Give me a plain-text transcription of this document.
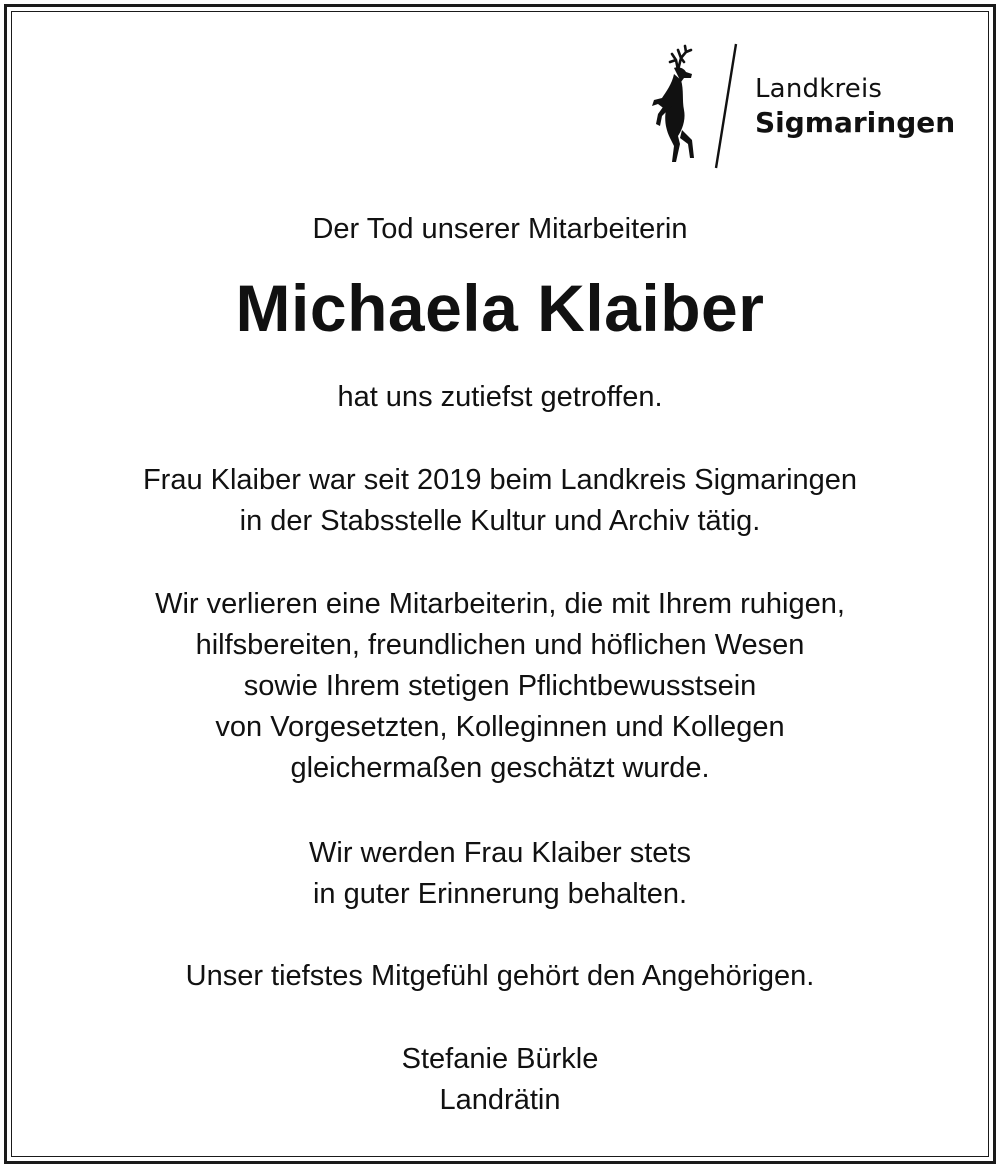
Landkreis
Sigmaringen
Der Tod unserer Mitarbeiterin
Michaela Klaiber
hat uns zutiefst getroffen.
Frau Klaiber war seit 2019 beim Landkreis Sigmaringen
in der Stabsstelle Kultur und Archiv tätig.
Wir verlieren eine Mitarbeiterin, die mit Ihrem ruhigen,
hilfsbereiten, freundlichen und höflichen Wesen
sowie Ihrem stetigen Pflichtbewusstsein
von Vorgesetzten, Kolleginnen und Kollegen
gleichermaßen geschätzt wurde.
Wir werden Frau Klaiber stets
in guter Erinnerung behalten.
Unser tiefstes Mitgefühl gehört den Angehörigen.
Stefanie Bürkle
Landrätin
